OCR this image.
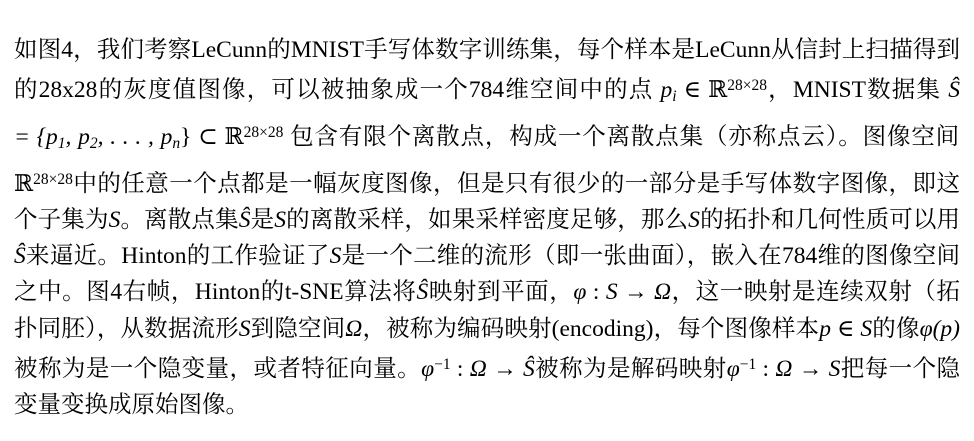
如图4，我们考察LeCunn的MNIST手写体数字训练集，每个样本是LeCunn从信封上扫描得到的28x28的灰度值图像，可以被抽象成一个784维空间中的点 $p_i$ ∈ ℝ$^{28\times 28}$，MNIST数据集 Ŝ = {$p_1$, $p_2$, . . . , $p_n$} ⊂ ℝ$^{28\times 28}$ 包含有限个离散点，构成一个离散点集（亦称点云）。图像空间ℝ$^{28\times 28}$中的任意一个点都是一幅灰度图像，但是只有很少的一部分是手写体数字图像，即这个子集为S。离散点集Ŝ是S的离散采样，如果采样密度足够，那么S的拓扑和几何性质可以用Ŝ来逼近。Hinton的工作验证了S是一个二维的流形（即一张曲面），嵌入在784维的图像空间之中。图4右帧，Hinton的t-SNE算法将Ŝ映射到平面，φ : S → Ω，这一映射是连续双射（拓扑同胚），从数据流形S到隐空间Ω，被称为编码映射(encoding)，每个图像样本p ∈ S的像φ(p)被称为是一个隐变量，或者特征向量。$\varphi^{-1}$ : Ω → Ŝ被称为是解码映射$\varphi^{-1}$ : Ω → S把每一个隐变量变换成原始图像。
